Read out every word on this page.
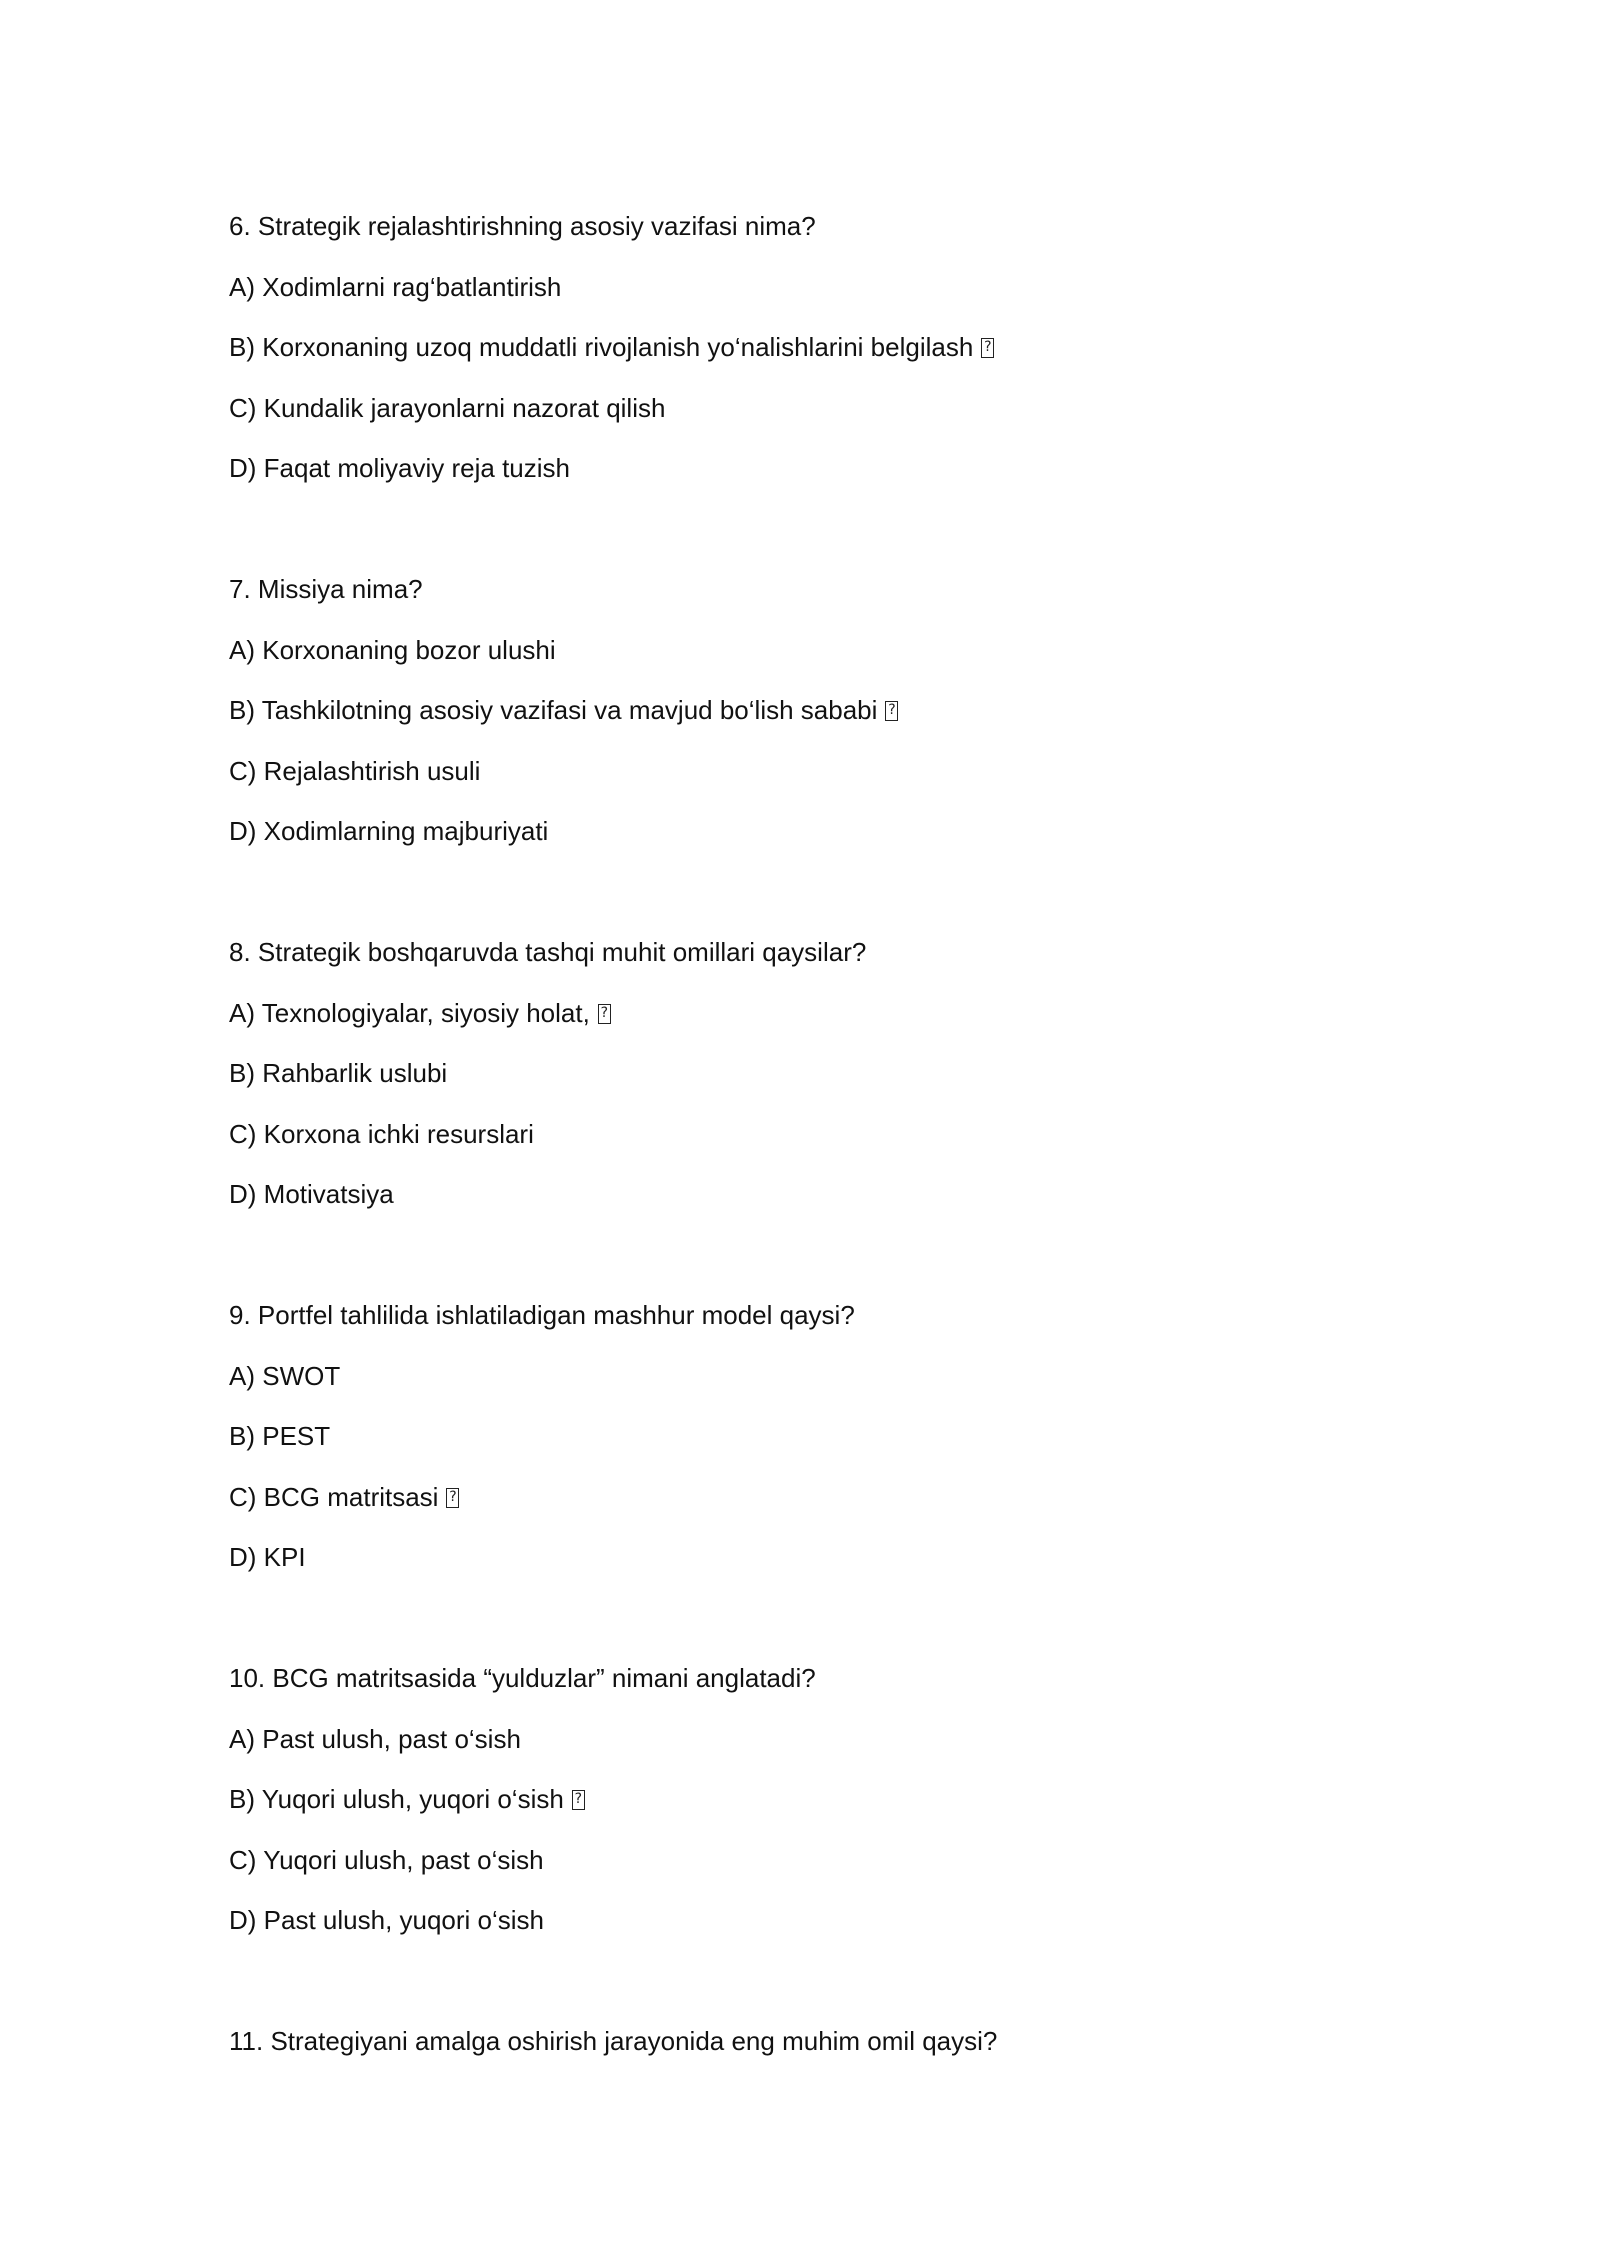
6. Strategik rejalashtirishning asosiy vazifasi nima?
A) Xodimlarni rag‘batlantirish
B) Korxonaning uzoq muddatli rivojlanish yo‘nalishlarini belgilash?
C) Kundalik jarayonlarni nazorat qilish
D) Faqat moliyaviy reja tuzish
7. Missiya nima?
A) Korxonaning bozor ulushi
B) Tashkilotning asosiy vazifasi va mavjud bo‘lish sababi?
C) Rejalashtirish usuli
D) Xodimlarning majburiyati
8. Strategik boshqaruvda tashqi muhit omillari qaysilar?
A) Texnologiyalar, siyosiy holat,?
B) Rahbarlik uslubi
C) Korxona ichki resurslari
D) Motivatsiya
9. Portfel tahlilida ishlatiladigan mashhur model qaysi?
A) SWOT
B) PEST
C) BCG matritsasi?
D) KPI
10. BCG matritsasida “yulduzlar” nimani anglatadi?
A) Past ulush, past o‘sish
B) Yuqori ulush, yuqori o‘sish?
C) Yuqori ulush, past o‘sish
D) Past ulush, yuqori o‘sish
11. Strategiyani amalga oshirish jarayonida eng muhim omil qaysi?
